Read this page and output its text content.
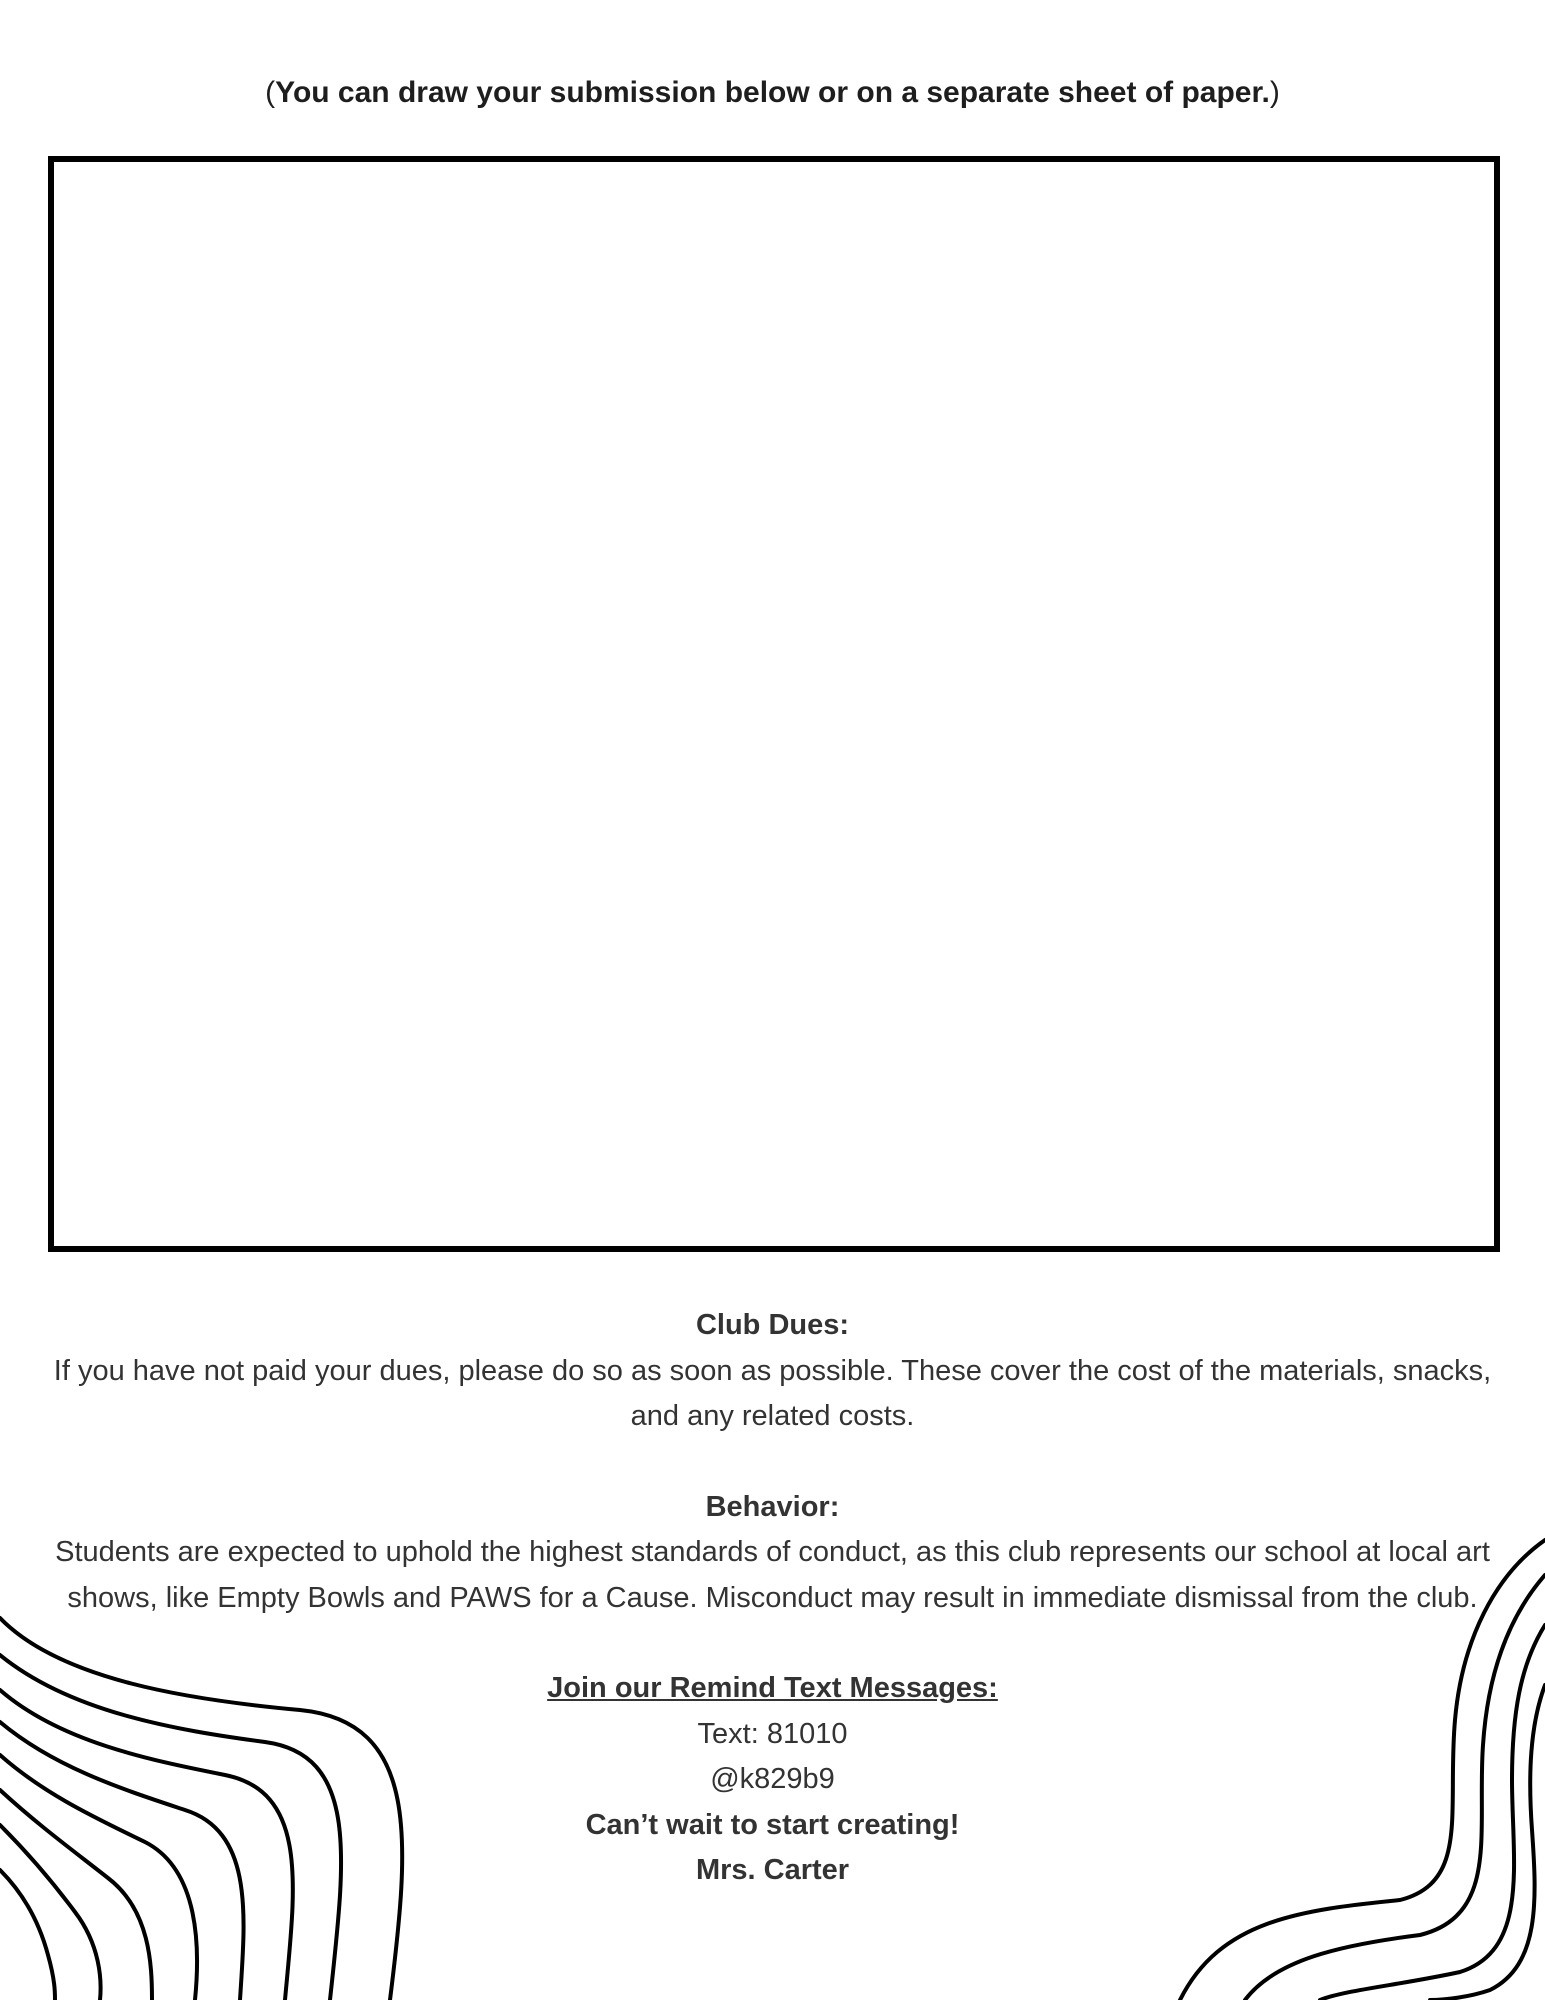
(You can draw your submission below or on a separate sheet of paper.)

Club Dues:

If you have not paid your dues, please do so as soon as possible. These cover the cost of the materials, snacks, and any related costs.

Behavior:

Students are expected to uphold the highest standards of conduct, as this club represents our school at local art shows, like Empty Bowls and PAWS for a Cause. Misconduct may result in immediate dismissal from the club.

Join our Remind Text Messages:

Text: 81010

@k829b9

Can’t wait to start creating!

Mrs. Carter
